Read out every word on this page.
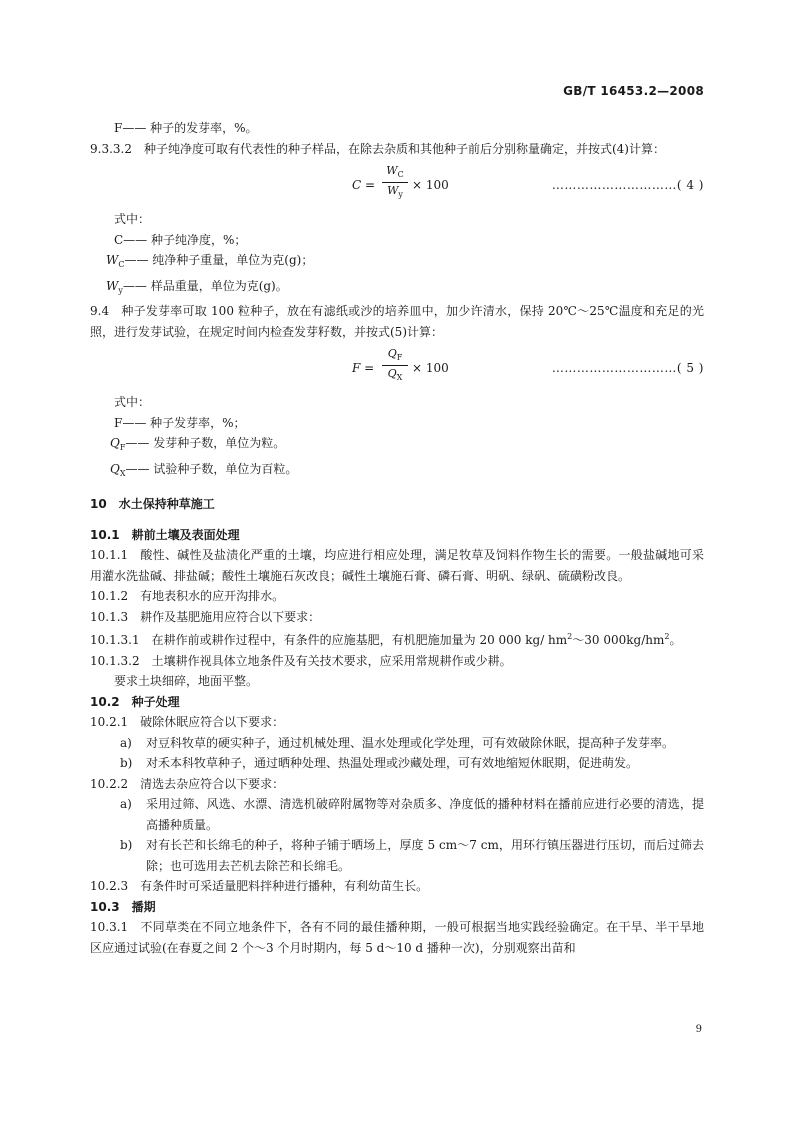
GB/T 16453.2—2008

F—— 种子的发芽率，%。

9.3.3.2 种子纯净度可取有代表性的种子样品，在除去杂质和其他种子前后分别称量确定，并按式(4)计算：

$C = \frac{W_C}{W_y} \times 100$	…………………………( 4 )

式中：

C—— 种子纯净度，%；

$W_C——$ 纯净种子重量，单位为克(g)；

$W_y——$ 样品重量，单位为克(g)。

9.4 种子发芽率可取 100 粒种子，放在有滤纸或沙的培养皿中，加少许清水，保持 20℃～25℃温度和充足的光照，进行发芽试验，在规定时间内检查发芽籽数，并按式(5)计算：

$F = \frac{Q_F}{Q_X} \times 100$	…………………………( 5 )

式中：

F—— 种子发芽率，%；

$Q_F——$ 发芽种子数，单位为粒。

$Q_X——$ 试验种子数，单位为百粒。

10　水土保持种草施工

10.1　耕前土壤及表面处理

10.1.1 酸性、碱性及盐渍化严重的土壤，均应进行相应处理，满足牧草及饲料作物生长的需要。一般盐碱地可采用灌水洗盐碱、排盐碱；酸性土壤施石灰改良；碱性土壤施石膏、磷石膏、明矾、绿矾、硫磺粉改良。

10.1.2 有地表积水的应开沟排水。

10.1.3 耕作及基肥施用应符合以下要求：

10.1.3.1 在耕作前或耕作过程中，有条件的应施基肥，有机肥施加量为 20 000 kg/ $hm^2\sim 30$ $000kg/hm^2$。

10.1.3.2 土壤耕作视具体立地条件及有关技术要求，应采用常规耕作或少耕。

要求土块细碎，地面平整。

10.2　种子处理

10.2.1 破除休眠应符合以下要求：

a)	对豆科牧草的硬实种子，通过机械处理、温水处理或化学处理，可有效破除休眠，提高种子发芽率。
b)	对禾本科牧草种子，通过晒种处理、热温处理或沙藏处理，可有效地缩短休眠期，促进萌发。

10.2.2 清选去杂应符合以下要求：

a)	采用过筛、风选、水漂、清选机破碎附属物等对杂质多、净度低的播种材料在播前应进行必要的清选，提高播种质量。
b)	对有长芒和长绵毛的种子，将种子铺于晒场上，厚度 5 cm～7 cm，用环行镇压器进行压切，而后过筛去除；也可选用去芒机去除芒和长绵毛。

10.2.3 有条件时可采适量肥料拌种进行播种，有利幼苗生长。

10.3　播期

10.3.1 不同草类在不同立地条件下，各有不同的最佳播种期，一般可根据当地实践经验确定。在干旱、半干旱地区应通过试验(在春夏之间 2 个～3 个月时期内，每 5 d～10 d 播种一次)，分别观察出苗和

9
